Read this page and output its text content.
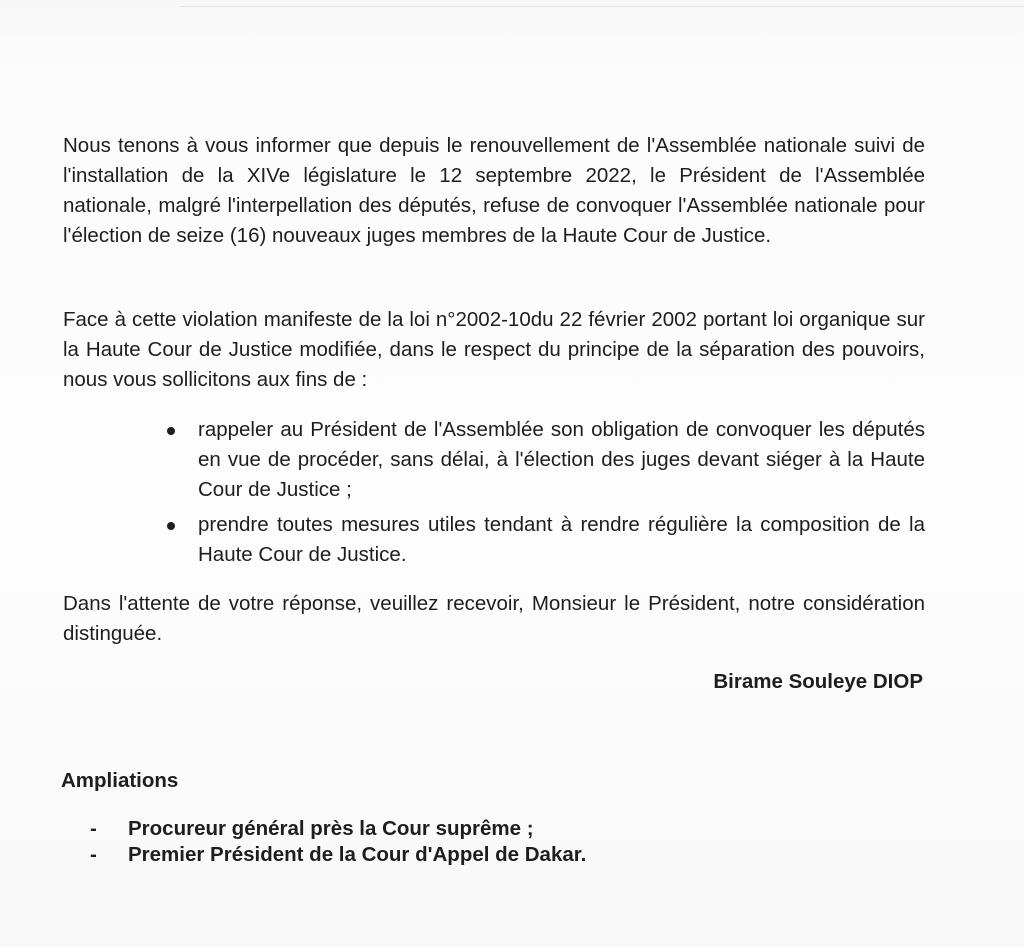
Nous tenons à vous informer que depuis le renouvellement de l'Assemblée nationale suivi de l'installation de la XIVe législature le 12 septembre 2022, le Président de l'Assemblée nationale, malgré l'interpellation des députés, refuse de convoquer l'Assemblée nationale pour l'élection de seize (16) nouveaux juges membres de la Haute Cour de Justice.

Face à cette violation manifeste de la loi n°2002-10du 22 février 2002 portant loi organique sur la Haute Cour de Justice modifiée, dans le respect du principe de la séparation des pouvoirs, nous vous sollicitons aux fins de :

rappeler au Président de l'Assemblée son obligation de convoquer les députés en vue de procéder, sans délai, à l'élection des juges devant siéger à la Haute Cour de Justice ;
prendre toutes mesures utiles tendant à rendre régulière la composition de la Haute Cour de Justice.

Dans l'attente de votre réponse, veuillez recevoir, Monsieur le Président, notre considération distinguée.

Birame Souleye DIOP
Ampliations
- Procureur général près la Cour suprême ;
- Premier Président de la Cour d'Appel de Dakar.
